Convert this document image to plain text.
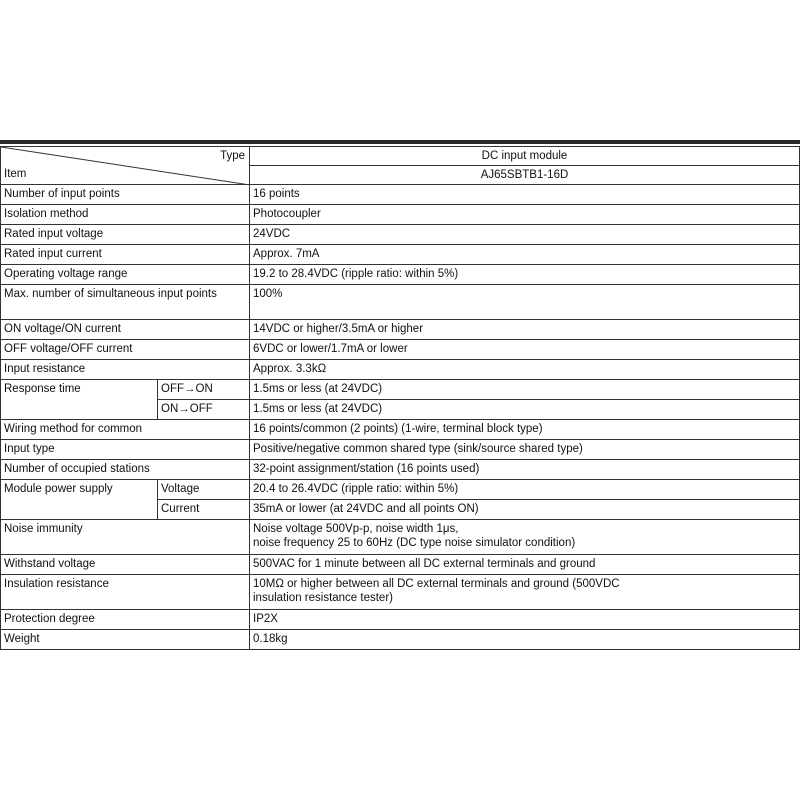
Type
Item		DC input module
		AJ65SBTB1-16D
Number of input points		16 points
Isolation method		Photocoupler
Rated input voltage		24VDC
Rated input current		Approx. 7mA
Operating voltage range		19.2 to 28.4VDC (ripple ratio: within 5%)
Max. number of simultaneous input points		100%
ON voltage/ON current		14VDC or higher/3.5mA or higher
OFF voltage/OFF current		6VDC or lower/1.7mA or lower
Input resistance		Approx. 3.3kΩ
Response time	OFF→ON	1.5ms or less (at 24VDC)
	ON→OFF	1.5ms or less (at 24VDC)
Wiring method for common		16 points/common (2 points) (1-wire, terminal block type)
Input type		Positive/negative common shared type (sink/source shared type)
Number of occupied stations		32-point assignment/station (16 points used)
Module power supply	Voltage	20.4 to 26.4VDC (ripple ratio: within 5%)
	Current	35mA or lower (at 24VDC and all points ON)
Noise immunity		Noise voltage 500Vp-p, noise width 1μs,
noise frequency 25 to 60Hz (DC type noise simulator condition)

Withstand voltage		500VAC for 1 minute between all DC external terminals and ground
Insulation resistance		10MΩ or higher between all DC external terminals and ground (500VDC
insulation resistance tester)

Protection degree		IP2X
Weight		0.18kg
